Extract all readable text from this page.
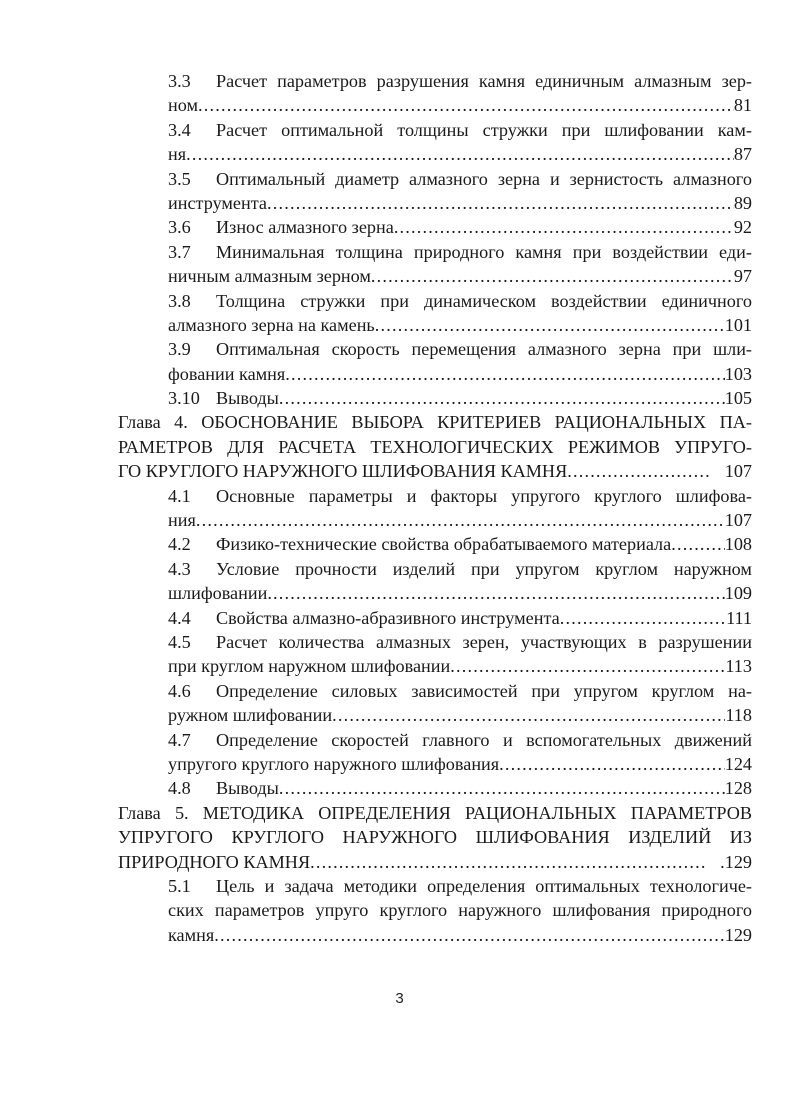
3.3	Расчет параметров разрушения камня единичным алмазным зер-
ном .....	81
3.4	Расчет оптимальной толщины стружки при шлифовании кам-
ня .....	87
3.5	Оптимальный диаметр алмазного зерна и зернистость алмазного
инструмента .....	89
3.6	Износ алмазного зерна .....	92
3.7	Минимальная толщина природного камня при воздействии еди-
ничным алмазным зерном .....	97
3.8	Толщина стружки при динамическом воздействии единичного
алмазного зерна на камень .....	101
3.9	Оптимальная скорость перемещения алмазного зерна при шли-
фовании камня .....	103
3.10 Выводы .....	105
Глава 4. ОБОСНОВАНИЕ ВЫБОРА КРИТЕРИЕВ РАЦИОНАЛЬНЫХ ПА-
РАМЕТРОВ ДЛЯ РАСЧЕТА ТЕХНОЛОГИЧЕСКИХ РЕЖИМОВ УПРУГО-
ГО КРУГЛОГО НАРУЖНОГО ШЛИФОВАНИЯ КАМНЯ .....	107
4.1	Основные параметры и факторы упругого круглого шлифова-
ния .....	107
4.2	Физико-технические свойства обрабатываемого материала .....	108
4.3	Условие прочности изделий при упругом круглом наружном
шлифовании .....	109
4.4	Свойства алмазно-абразивного инструмента .....	111
4.5	Расчет количества алмазных зерен, участвующих в разрушении
при круглом наружном шлифовании .....	113
4.6	Определение силовых зависимостей при упругом круглом на-
ружном шлифовании .....	118
4.7	Определение скоростей главного и вспомогательных движений
упругого круглого наружного шлифования .....	124
4.8	Выводы .....	128
Глава 5. МЕТОДИКА ОПРЕДЕЛЕНИЯ РАЦИОНАЛЬНЫХ ПАРАМЕТРОВ
УПРУГОГО КРУГЛОГО НАРУЖНОГО ШЛИФОВАНИЯ ИЗДЕЛИЙ ИЗ
ПРИРОДНОГО КАМНЯ .....	.129
5.1	Цель и задача методики определения оптимальных технологиче-
ских параметров упруго круглого наружного шлифования природного
камня .....	129
3
